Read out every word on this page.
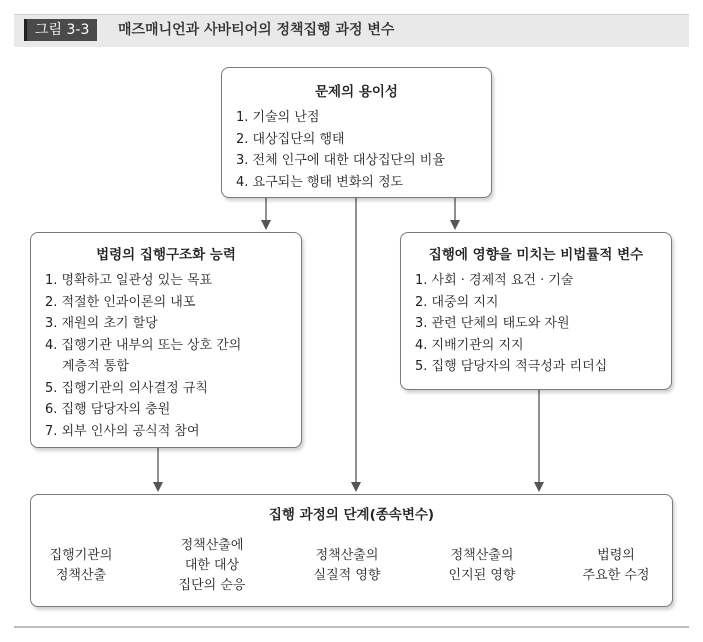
그림 3-3	매즈매니언과 사바티어의 정책집행 과정 변수
문제의 용이성
1. 기술의 난점
2. 대상집단의 행태
3. 전체 인구에 대한 대상집단의 비율
4. 요구되는 행태 변화의 정도
법령의 집행구조화 능력
1. 명확하고 일관성 있는 목표
2. 적절한 인과이론의 내포
3. 재원의 초기 할당
4. 집행기관 내부의 또는 상호 간의
계층적 통합
5. 집행기관의 의사결정 규칙
6. 집행 담당자의 충원
7. 외부 인사의 공식적 참여
집행에 영향을 미치는 비법률적 변수
1. 사회 · 경제적 요건 · 기술
2. 대중의 지지
3. 관련 단체의 태도와 자원
4. 지배기관의 지지
5. 집행 담당자의 적극성과 리더십
집행 과정의 단계(종속변수)
집행기관의
정책산출
정책산출에
대한 대상
집단의 순응
정책산출의
실질적 영향
정책산출의
인지된 영향
법령의
주요한 수정
